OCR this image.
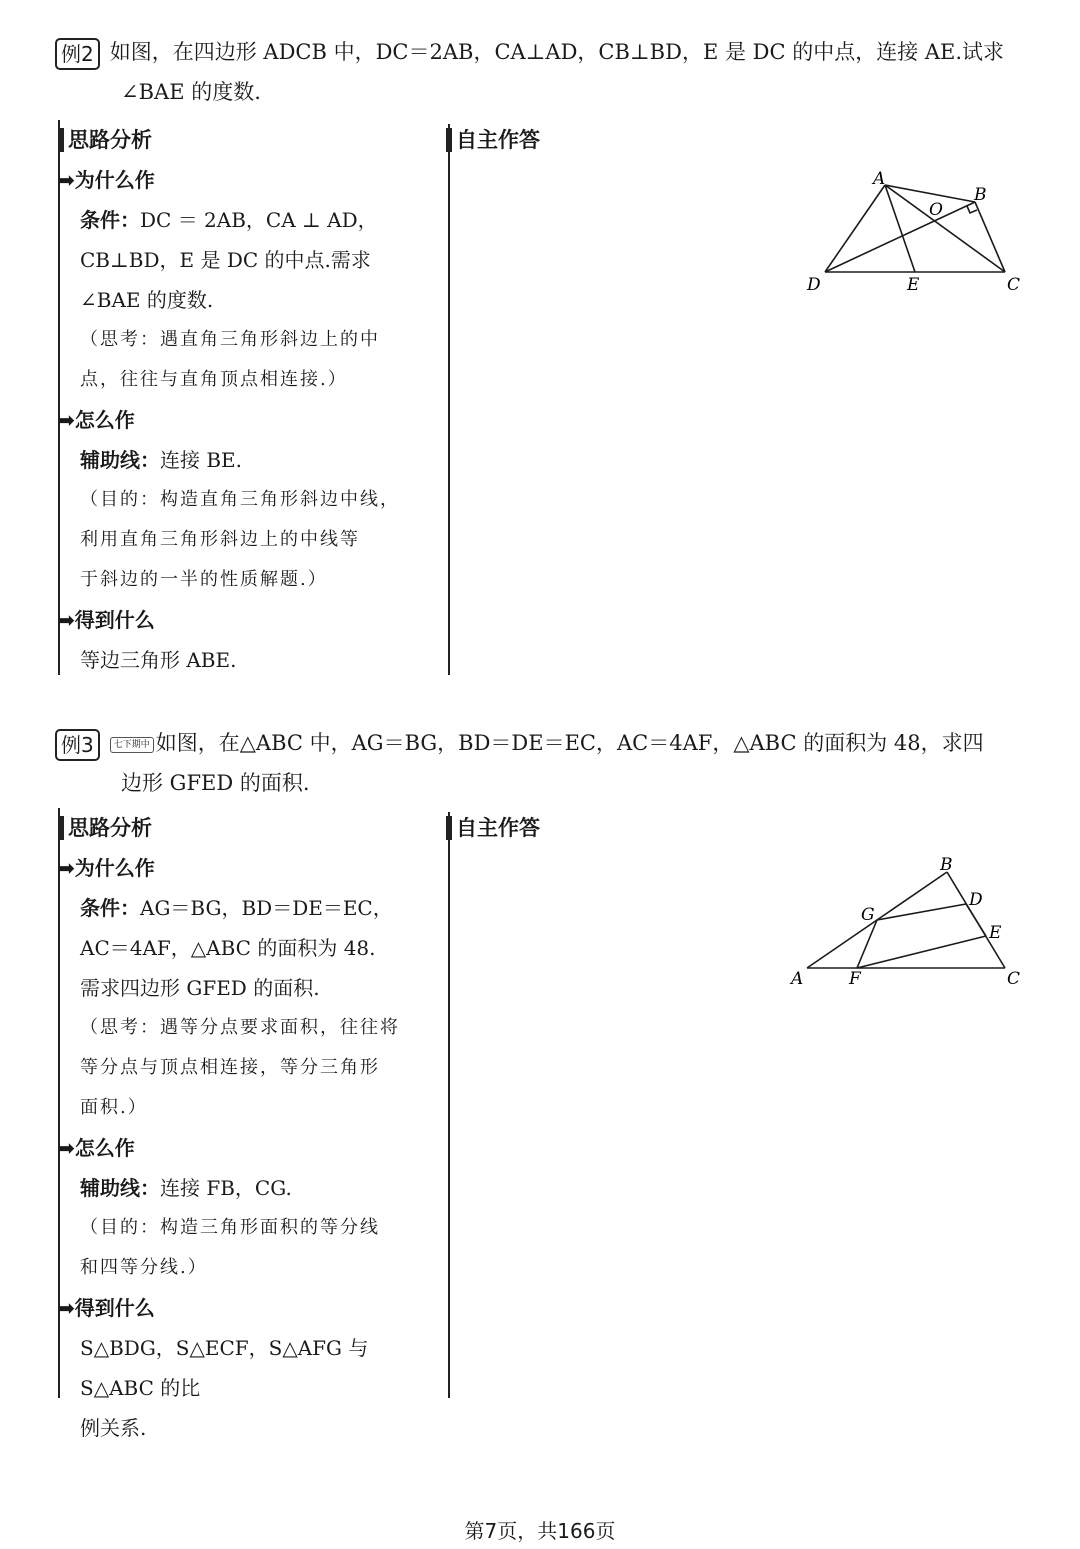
例2 如图，在四边形 ADCB 中，DC＝2AB，CA⊥AD，CB⊥BD，E 是 DC 的中点，连接 AE.试求
∠BAE 的度数.
思路分析
➡为什么作
条件：DC ＝ 2AB，CA ⊥ AD，
CB⊥BD，E 是 DC 的中点.需求
∠BAE 的度数.
（思考：遇直角三角形斜边上的中
点，往往与直角顶点相连接.）
➡怎么作
辅助线：连接 BE.
（目的：构造直角三角形斜边中线，
利用直角三角形斜边上的中线等
于斜边的一半的性质解题.）
➡得到什么
等边三角形 ABE.
自主作答
A
B
O
D	E	C
例3 七下期中 如图，在△ABC 中，AG＝BG，BD＝DE＝EC，AC＝4AF，△ABC 的面积为 48，求四
边形 GFED 的面积.
思路分析
➡为什么作
条件：AG＝BG，BD＝DE＝EC，
AC＝4AF，△ABC 的面积为 48.
需求四边形 GFED 的面积.
（思考：遇等分点要求面积，往往将
等分点与顶点相连接，等分三角形
面积.）
➡怎么作
辅助线：连接 FB，CG.
（目的：构造三角形面积的等分线
和四等分线.）
➡得到什么
S△BDG，S△ECF，S△AFG 与 S△ABC 的比
例关系.
自主作答
B
G
D
E
A	F	C
第7页，共166页
